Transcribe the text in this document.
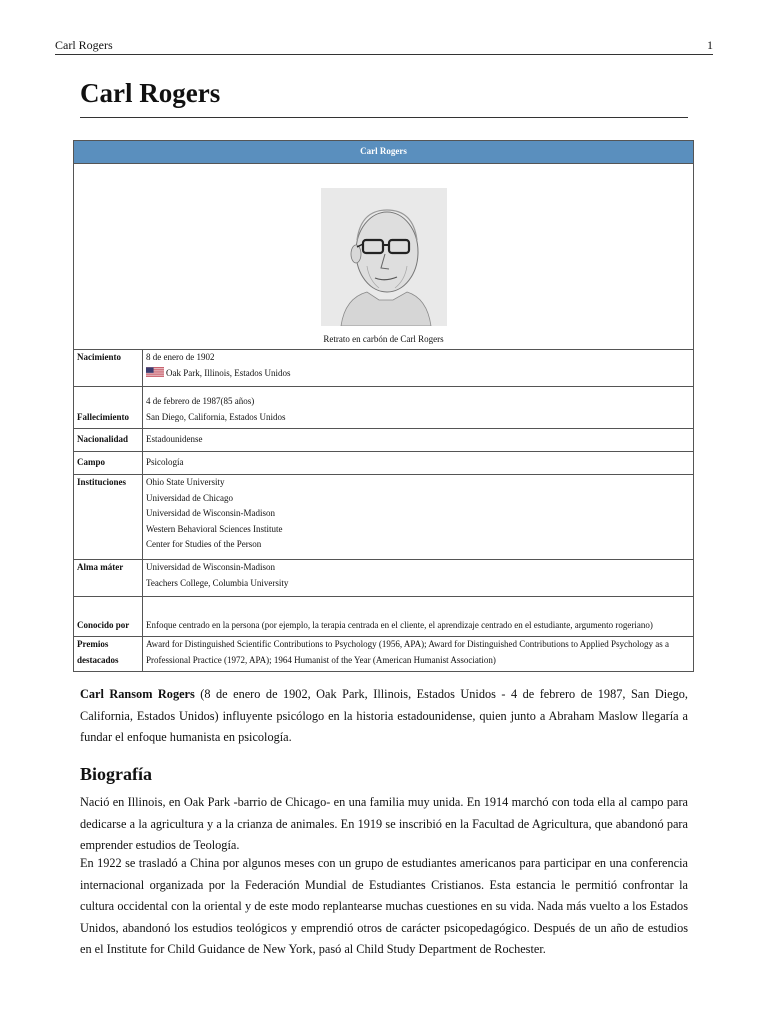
Carl Rogers	1
Carl Rogers
Carl Rogers	

Retrato en carbón de Carl Rogers	

Nacimiento	8 de enero de 1902
Oak Park, Illinois, Estados Unidos

Fallecimiento	4 de febrero de 1987(85 años)
San Diego, California, Estados Unidos

Nacionalidad	Estadounidense
Campo	Psicología
Instituciones	Ohio State University
Universidad de Chicago
Universidad de Wisconsin-Madison
Western Behavioral Sciences Institute
Center for Studies of the Person

Alma máter	Universidad de Wisconsin-Madison
Teachers College, Columbia University

Conocido por	Enfoque centrado en la persona (por ejemplo, la terapia centrada en el cliente, el aprendizaje centrado en el estudiante, argumento rogeriano)
Premios destacados	Award for Distinguished Scientific Contributions to Psychology (1956, APA); Award for Distinguished Contributions to Applied Psychology as a Professional Practice (1972, APA); 1964 Humanist of the Year (American Humanist Association)

Carl Ransom Rogers (8 de enero de 1902, Oak Park, Illinois, Estados Unidos - 4 de febrero de 1987, San Diego, California, Estados Unidos) influyente psicólogo en la historia estadounidense, quien junto a Abraham Maslow llegaría a fundar el enfoque humanista en psicología.

Biografía

Nació en Illinois, en Oak Park -barrio de Chicago- en una familia muy unida. En 1914 marchó con toda ella al campo para dedicarse a la agricultura y a la crianza de animales. En 1919 se inscribió en la Facultad de Agricultura, que abandonó para emprender estudios de Teología.

En 1922 se trasladó a China por algunos meses con un grupo de estudiantes americanos para participar en una conferencia internacional organizada por la Federación Mundial de Estudiantes Cristianos. Esta estancia le permitió confrontar la cultura occidental con la oriental y de este modo replantearse muchas cuestiones en su vida. Nada más vuelto a los Estados Unidos, abandonó los estudios teológicos y emprendió otros de carácter psicopedagógico. Después de un año de estudios en el Institute for Child Guidance de New York, pasó al Child Study Department de Rochester.
